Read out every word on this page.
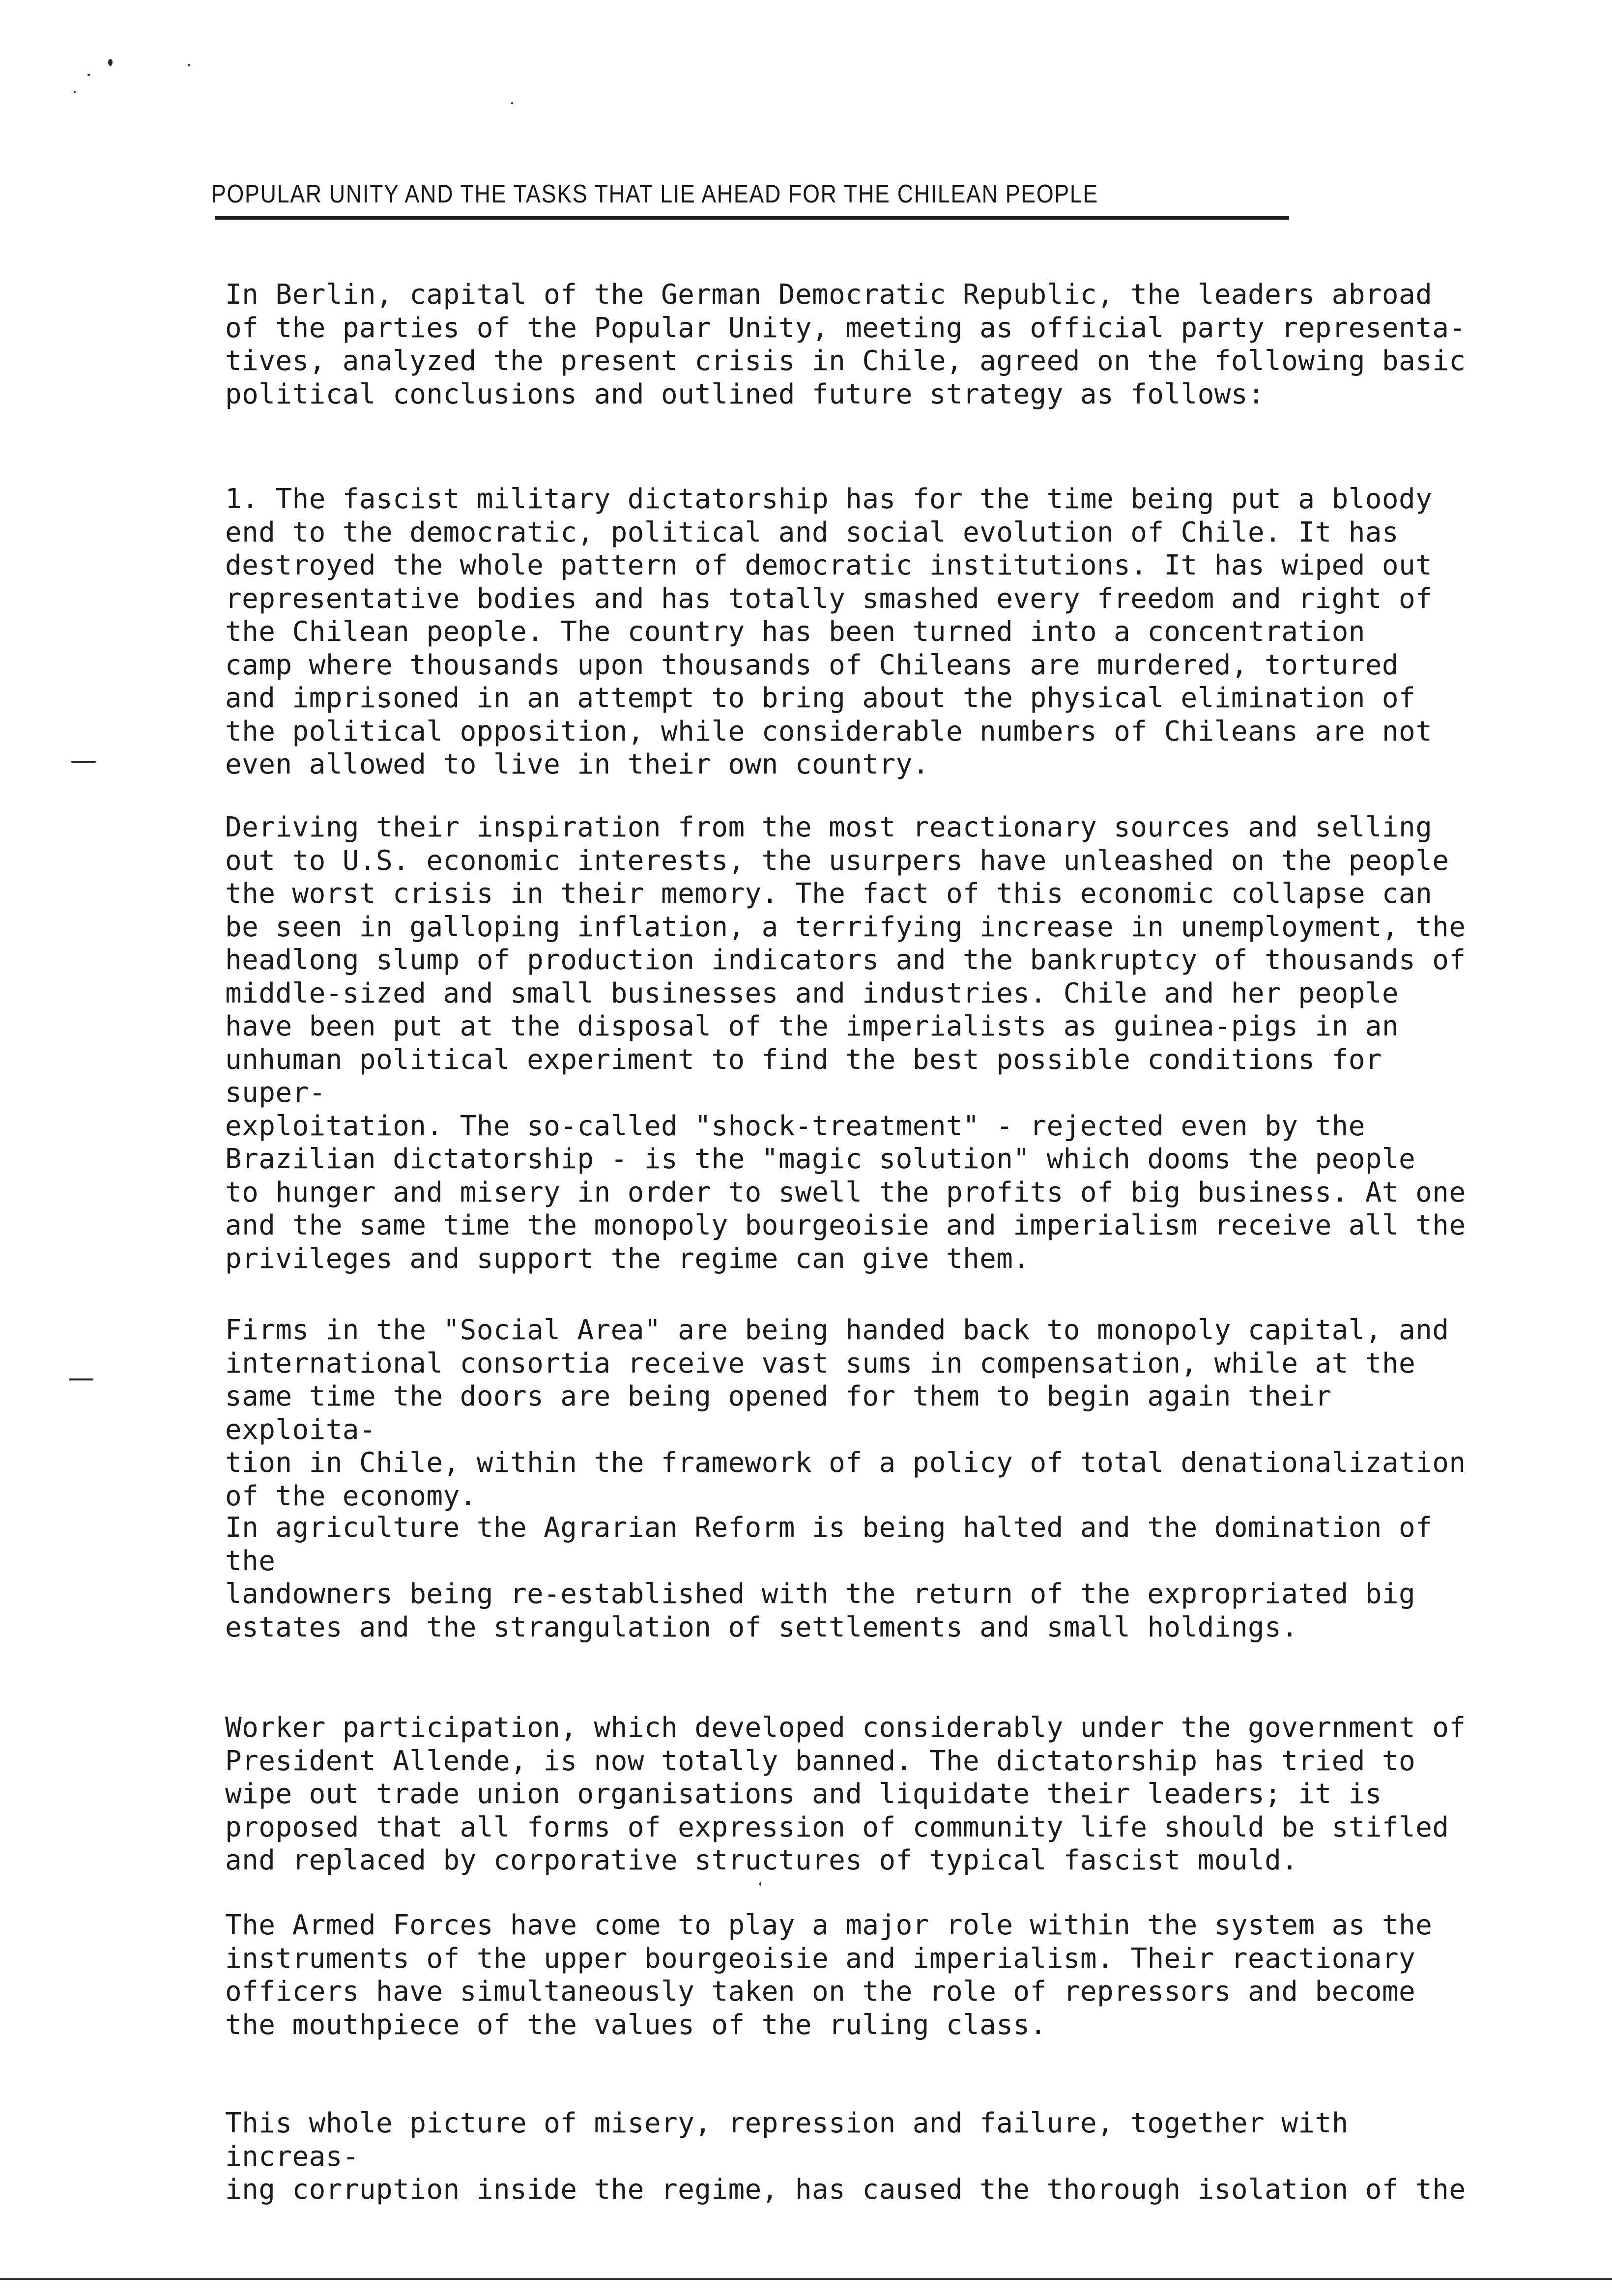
POPULAR UNITY AND THE TASKS THAT LIE AHEAD FOR THE CHILEAN PEOPLE

In Berlin, capital of the German Democratic Republic, the leaders abroad
of the parties of the Popular Unity, meeting as official party representa-
tives, analyzed the present crisis in Chile, agreed on the following basic
political conclusions and outlined future strategy as follows:

1. The fascist military dictatorship has for the time being put a bloody
end to the democratic, political and social evolution of Chile. It has
destroyed the whole pattern of democratic institutions. It has wiped out
representative bodies and has totally smashed every freedom and right of
the Chilean people. The country has been turned into a concentration
camp where thousands upon thousands of Chileans are murdered, tortured
and imprisoned in an attempt to bring about the physical elimination of
the political opposition, while considerable numbers of Chileans are not
even allowed to live in their own country.

Deriving their inspiration from the most reactionary sources and selling
out to U.S. economic interests, the usurpers have unleashed on the people
the worst crisis in their memory. The fact of this economic collapse can
be seen in galloping inflation, a terrifying increase in unemployment, the
headlong slump of production indicators and the bankruptcy of thousands of
middle-sized and small businesses and industries. Chile and her people
have been put at the disposal of the imperialists as guinea-pigs in an
unhuman political experiment to find the best possible conditions for super-
exploitation. The so-called "shock-treatment" - rejected even by the
Brazilian dictatorship - is the "magic solution" which dooms the people
to hunger and misery in order to swell the profits of big business. At one
and the same time the monopoly bourgeoisie and imperialism receive all the
privileges and support the regime can give them.

Firms in the "Social Area" are being handed back to monopoly capital, and
international consortia receive vast sums in compensation, while at the
same time the doors are being opened for them to begin again their exploita-
tion in Chile, within the framework of a policy of total denationalization
of the economy.

In agriculture the Agrarian Reform is being halted and the domination of the
landowners being re-established with the return of the expropriated big
estates and the strangulation of settlements and small holdings.

Worker participation, which developed considerably under the government of
President Allende, is now totally banned. The dictatorship has tried to
wipe out trade union organisations and liquidate their leaders; it is
proposed that all forms of expression of community life should be stifled
and replaced by corporative structures of typical fascist mould.

The Armed Forces have come to play a major role within the system as the
instruments of the upper bourgeoisie and imperialism. Their reactionary
officers have simultaneously taken on the role of repressors and become
the mouthpiece of the values of the ruling class.

This whole picture of misery, repression and failure, together with increas-
ing corruption inside the regime, has caused the thorough isolation of the
